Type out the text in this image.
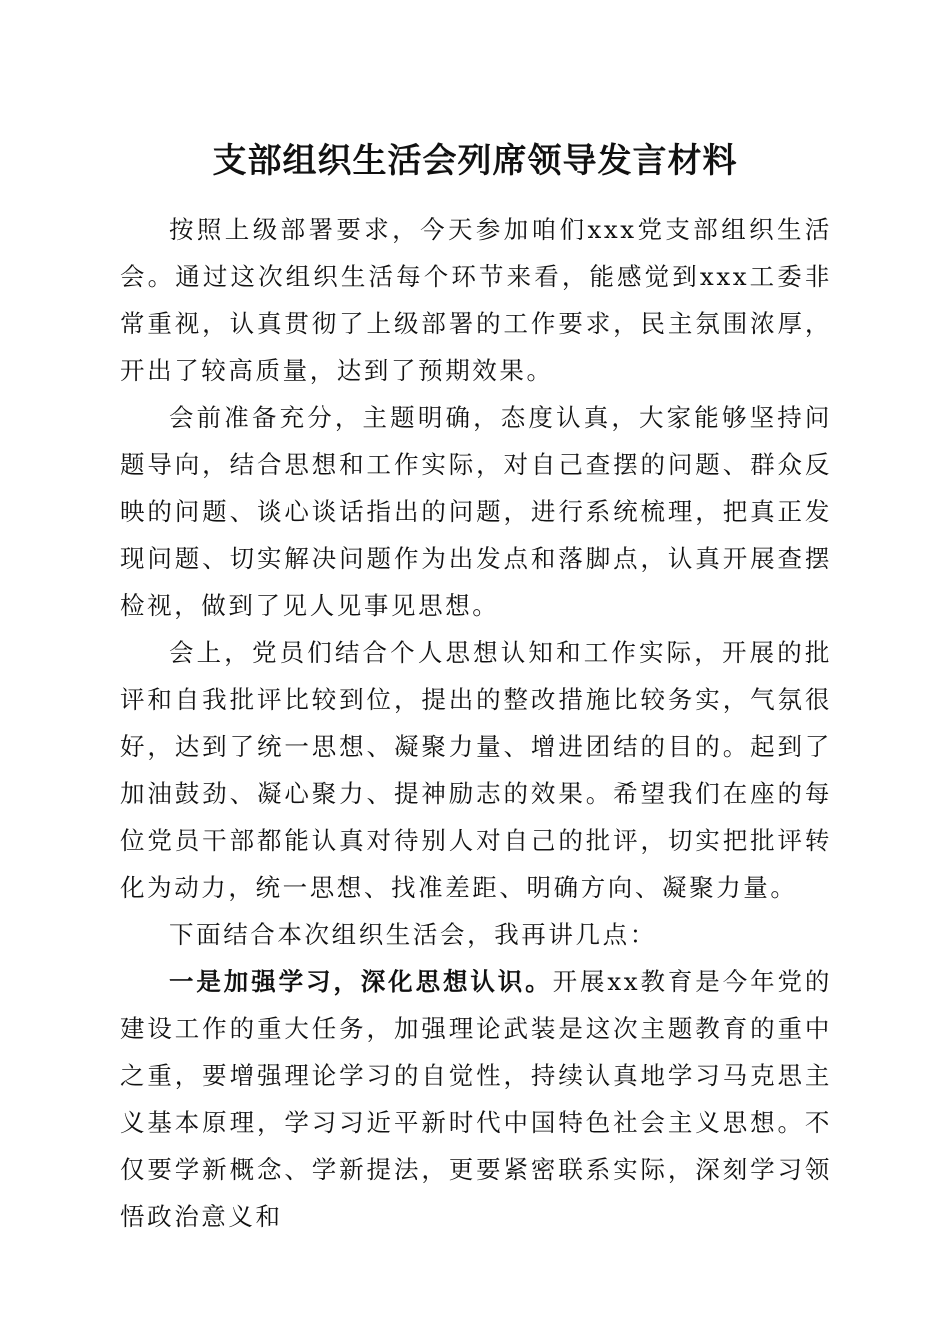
支部组织生活会列席领导发言材料

按照上级部署要求，今天参加咱们xxx党支部组织生活会。通过这次组织生活每个环节来看，能感觉到xxx工委非常重视，认真贯彻了上级部署的工作要求，民主氛围浓厚，开出了较高质量，达到了预期效果。

会前准备充分，主题明确，态度认真，大家能够坚持问题导向，结合思想和工作实际，对自己查摆的问题、群众反映的问题、谈心谈话指出的问题，进行系统梳理，把真正发现问题、切实解决问题作为出发点和落脚点，认真开展查摆检视，做到了见人见事见思想。

会上，党员们结合个人思想认知和工作实际，开展的批评和自我批评比较到位，提出的整改措施比较务实，气氛很好，达到了统一思想、凝聚力量、增进团结的目的。起到了加油鼓劲、凝心聚力、提神励志的效果。希望我们在座的每位党员干部都能认真对待别人对自己的批评，切实把批评转化为动力，统一思想、找准差距、明确方向、凝聚力量。

下面结合本次组织生活会，我再讲几点：

一是加强学习，深化思想认识。开展xx教育是今年党的建设工作的重大任务，加强理论武装是这次主题教育的重中之重，要增强理论学习的自觉性，持续认真地学习马克思主义基本原理，学习习近平新时代中国特色社会主义思想。不仅要学新概念、学新提法，更要紧密联系实际，深刻学习领悟政治意义和
